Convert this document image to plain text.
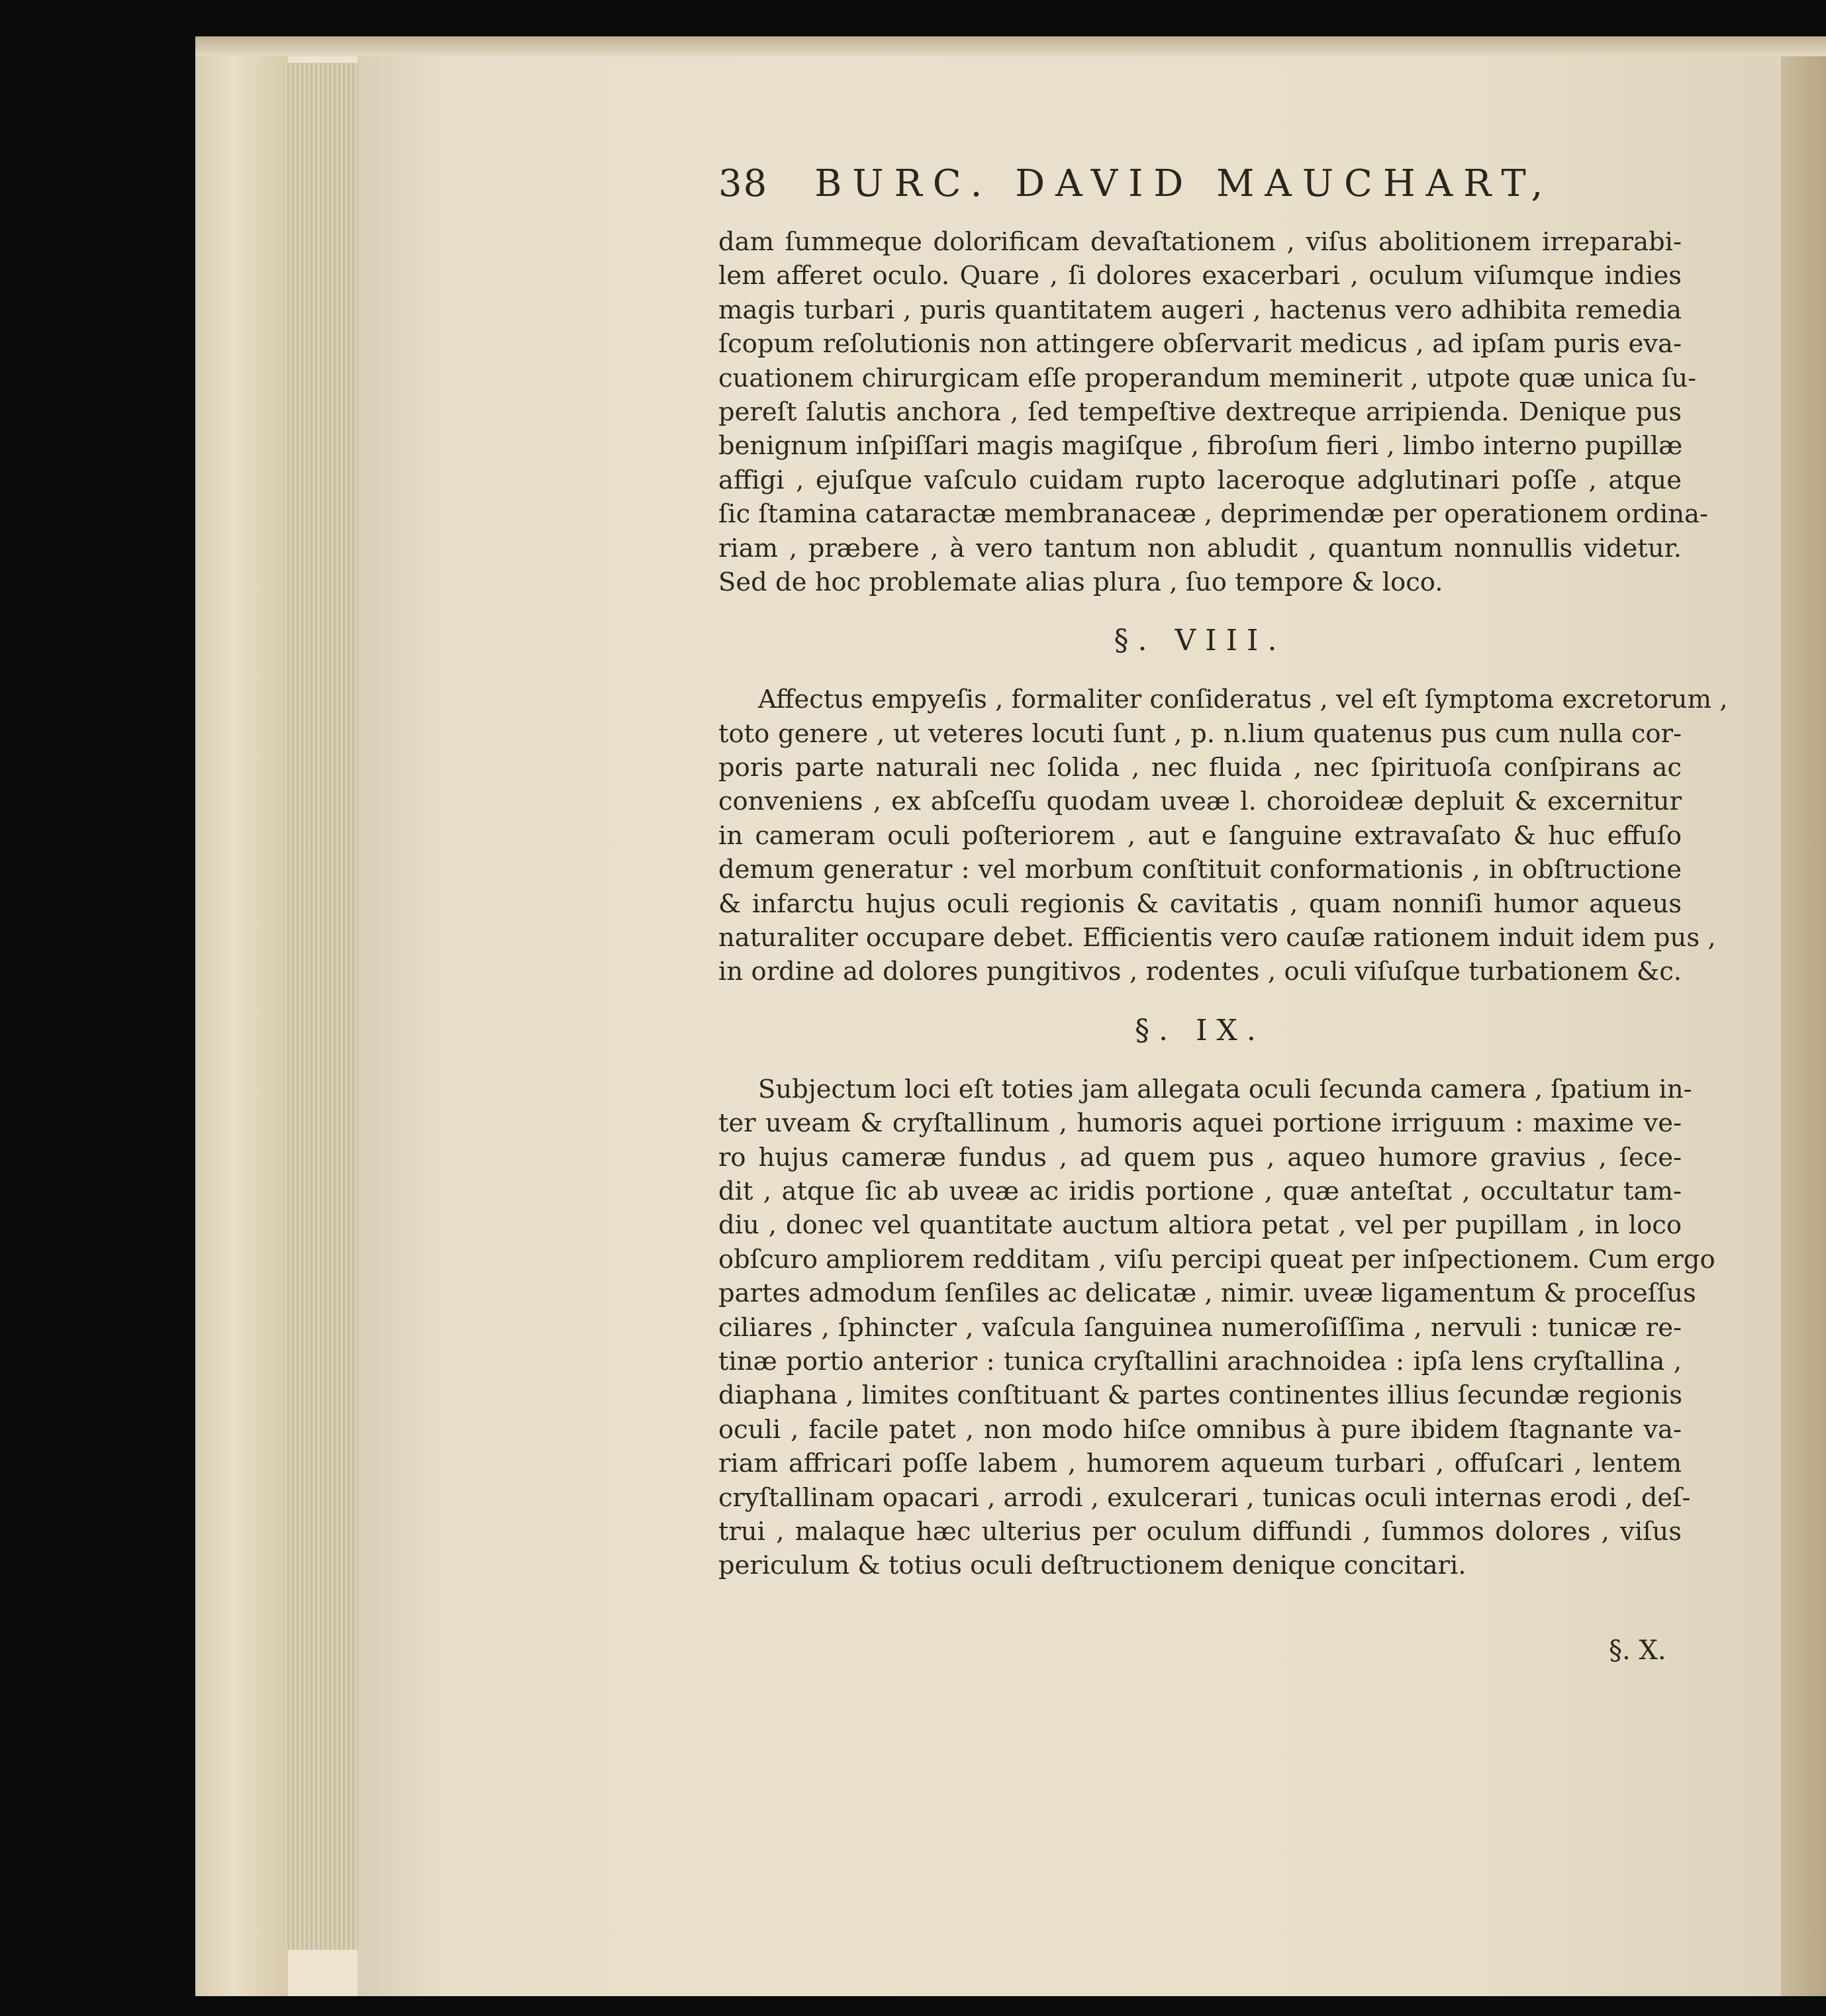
38 BURC. DAVID MAUCHART,
dam ſummeque dolorificam devaſtationem , viſus abolitionem irreparabi-
lem afferet oculo. Quare , ſi dolores exacerbari , oculum viſumque indies
magis turbari , puris quantitatem augeri , hactenus vero adhibita remedia
ſcopum reſolutionis non attingere obſervarit medicus , ad ipſam puris eva-
cuationem chirurgicam eſſe properandum meminerit , utpote quæ unica ſu-
pereſt ſalutis anchora , ſed tempeſtive dextreque arripienda. Denique pus
benignum inſpiſſari magis magiſque , fibroſum fieri , limbo interno pupillæ
affigi , ejuſque vaſculo cuidam rupto laceroque adglutinari poſſe , atque
ſic ſtamina cataractæ membranaceæ , deprimendæ per operationem ordina-
riam , præbere , à vero tantum non abludit , quantum nonnullis videtur.
Sed de hoc problemate alias plura , ſuo tempore & loco.
§. VIII.
Affectus empyeſis , formaliter conſideratus , vel eſt ſymptoma excretorum ,
toto genere , ut veteres locuti ſunt , p. n.lium quatenus pus cum nulla cor-
poris parte naturali nec ſolida , nec fluida , nec ſpirituoſa conſpirans ac
conveniens , ex abſceſſu quodam uveæ l. choroideæ depluit & excernitur
in cameram oculi poſteriorem , aut e ſanguine extravaſato & huc effuſo
demum generatur : vel morbum conſtituit conformationis , in obſtructione
& infarctu hujus oculi regionis & cavitatis , quam nonniſi humor aqueus
naturaliter occupare debet. Efficientis vero cauſæ rationem induit idem pus ,
in ordine ad dolores pungitivos , rodentes , oculi viſuſque turbationem &c.
§. IX.
Subjectum loci eſt toties jam allegata oculi ſecunda camera , ſpatium in-
ter uveam & cryſtallinum , humoris aquei portione irriguum : maxime ve-
ro hujus cameræ fundus , ad quem pus , aqueo humore gravius , ſece-
dit , atque ſic ab uveæ ac iridis portione , quæ anteſtat , occultatur tam-
diu , donec vel quantitate auctum altiora petat , vel per pupillam , in loco
obſcuro ampliorem redditam , viſu percipi queat per inſpectionem. Cum ergo
partes admodum ſenſiles ac delicatæ , nimir. uveæ ligamentum & proceſſus
ciliares , ſphincter , vaſcula ſanguinea numeroſiſſima , nervuli : tunicæ re-
tinæ portio anterior : tunica cryſtallini arachnoidea : ipſa lens cryſtallina ,
diaphana , limites conſtituant & partes continentes illius ſecundæ regionis
oculi , facile patet , non modo hiſce omnibus à pure ibidem ſtagnante va-
riam affricari poſſe labem , humorem aqueum turbari , offuſcari , lentem
cryſtallinam opacari , arrodi , exulcerari , tunicas oculi internas erodi , deſ-
trui , malaque hæc ulterius per oculum diffundi , ſummos dolores , viſus
periculum & totius oculi deſtructionem denique concitari.
§. X.
